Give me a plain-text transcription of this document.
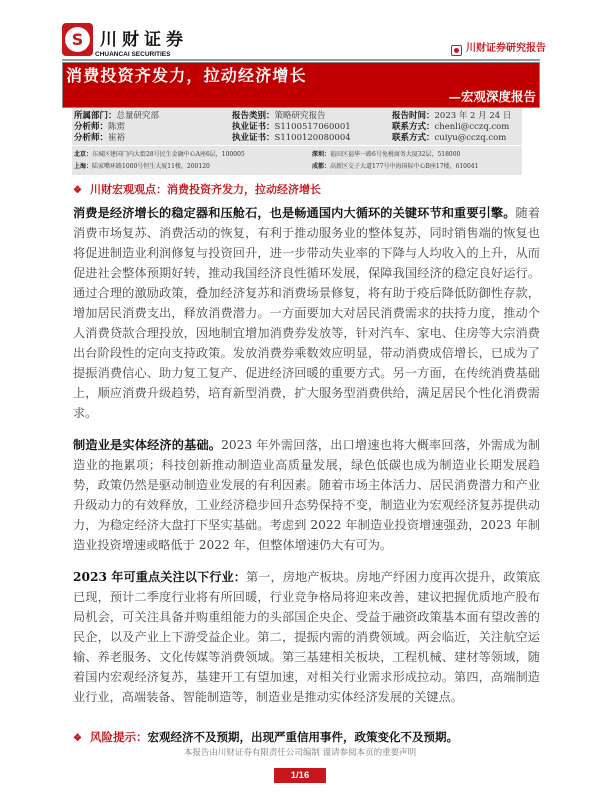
S 川财证券
CHUANCAI SECURITIES
川财证券研究报告
消费投资齐发力，拉动经济增长
—宏观深度报告
所属部门：总量研究部	报告类别：策略研究报告	报告时间：2023 年 2 月 24 日
分析师：陈雳	执业证书：S1100517060001	联系方式：chenli@cczq.com
分析师：崔裕	执业证书：S1100120080004	联系方式：cuiyu@cczq.com
北京：东城区建国门内大街28号民生金融中心A座6层，100005	深圳：福田区福华一路6号免税商务大厦32层，518000
上海：陆家嘴环路1000号恒生大厦11楼，200120	成都：高新区交子大道177号中海国际中心B座17楼，610041
❖ 川财宏观观点：消费投资齐发力，拉动经济增长
消费是经济增长的稳定器和压舱石，也是畅通国内大循环的关键环节和重要引擎。随着消费市场复苏、消费活动的恢复，有利于推动服务业的整体复苏，同时销售端的恢复也将促进制造业利润修复与投资回升，进一步带动失业率的下降与人均收入的上升，从而促进社会整体预期好转，推动我国经济良性循环发展，保障我国经济的稳定良好运行。通过合理的激励政策，叠加经济复苏和消费场景修复，将有助于疫后降低防御性存款，增加居民消费支出，释放消费潜力。一方面要加大对居民消费需求的扶持力度，推动个人消费贷款合理投放，因地制宜增加消费券发放等，针对汽车、家电、住房等大宗消费出台阶段性的定向支持政策。发放消费券乘数效应明显，带动消费成倍增长，已成为了提振消费信心、助力复工复产、促进经济回暖的重要方式。另一方面，在传统消费基础上，顺应消费升级趋势，培育新型消费，扩大服务型消费供给，满足居民个性化消费需求。
制造业是实体经济的基础。2023 年外需回落，出口增速也将大概率回落，外需成为制造业的拖累项；科技创新推动制造业高质量发展，绿色低碳也成为制造业长期发展趋势，政策仍然是驱动制造业发展的有利因素。随着市场主体活力、居民消费潜力和产业升级动力的有效释放，工业经济稳步回升态势保持不变，制造业为宏观经济复苏提供动力，为稳定经济大盘打下坚实基础。考虑到 2022 年制造业投资增速强劲，2023 年制造业投资增速或略低于 2022 年，但整体增速仍大有可为。
2023 年可重点关注以下行业：第一，房地产板块。房地产纾困力度再次提升，政策底已现，预计二季度行业将有所回暖，行业竞争格局将迎来改善，建议把握优质地产股布局机会，可关注具备并购重组能力的头部国企央企、受益于融资政策基本面有望改善的民企，以及产业上下游受益企业。第二，提振内需的消费领域。两会临近，关注航空运输、养老服务、文化传媒等消费领域。第三基建相关板块，工程机械、建材等领域，随着国内宏观经济复苏，基建开工有望加速，对相关行业需求形成拉动。第四，高端制造业行业，高端装备、智能制造等，制造业是推动实体经济发展的关键点。
❖ 风险提示：宏观经济不及预期，出现严重信用事件，政策变化不及预期。
本报告由川财证券有限责任公司编制 谨请参阅本页的重要声明
1/16
